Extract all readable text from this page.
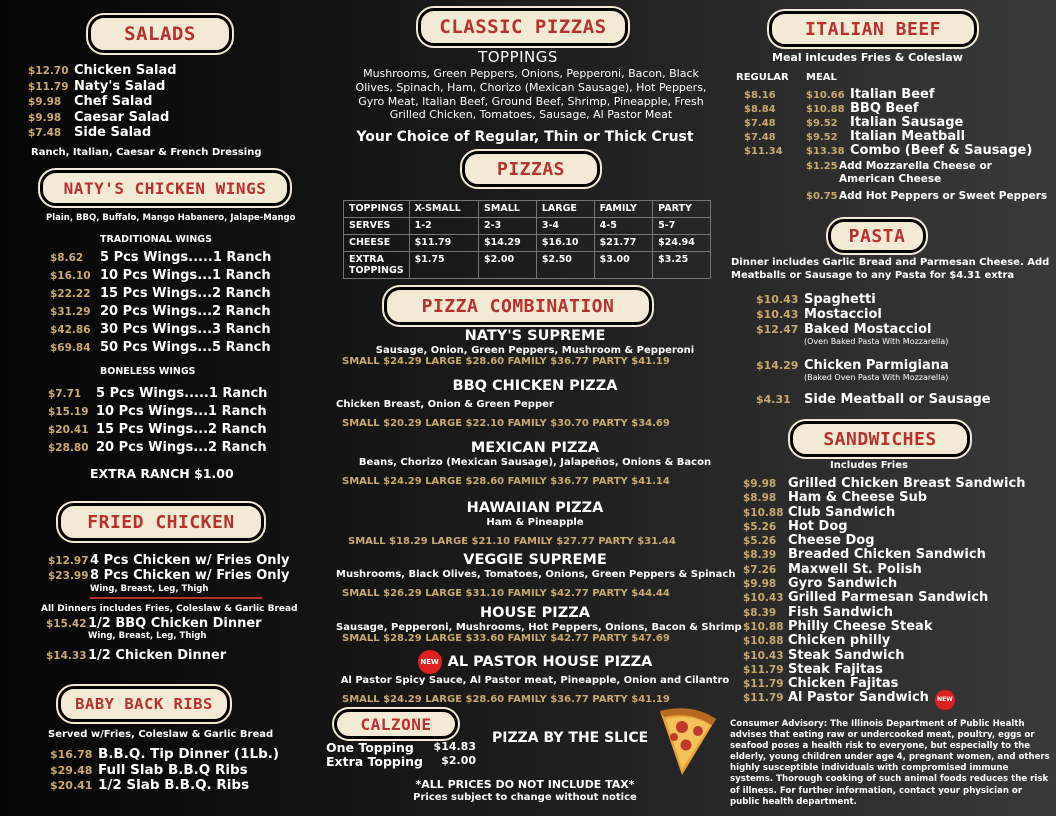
SALADS
$12.70 Chicken Salad
$11.79 Naty's Salad
$9.98 Chef Salad
$9.98 Caesar Salad
$7.48 Side Salad
Ranch, Italian, Caesar & French Dressing
NATY'S CHICKEN WINGS
Plain, BBQ, Buffalo, Mango Habanero, Jalape-Mango
TRADITIONAL WINGS
$8.62	5 Pcs Wings.....1 Ranch
$16.10 10 Pcs Wings...1 Ranch
$22.22 15 Pcs Wings...2 Ranch
$31.29 20 Pcs Wings...2 Ranch
$42.86 30 Pcs Wings...3 Ranch
$69.84 50 Pcs Wings...5 Ranch
BONELESS WINGS
$7.71	5 Pcs Wings.....1 Ranch
$15.19 10 Pcs Wings...1 Ranch
$20.41 15 Pcs Wings...2 Ranch
$28.80 20 Pcs Wings...2 Ranch
EXTRA RANCH $1.00
FRIED CHICKEN
$12.97 4 Pcs Chicken w/ Fries Only
$23.99 8 Pcs Chicken w/ Fries Only
Wing, Breast, Leg, Thigh
All Dinners includes Fries, Coleslaw & Garlic Bread
$15.42 1/2 BBQ Chicken Dinner
Wing, Breast, Leg, Thigh
$14.33 1/2 Chicken Dinner
BABY BACK RIBS
Served w/Fries, Coleslaw & Garlic Bread
$16.78 B.B.Q. Tip Dinner (1Lb.)
$29.48 Full Slab B.B.Q Ribs
$20.41 1/2 Slab B.B.Q. Ribs
CLASSIC PIZZAS
TOPPINGS
Mushrooms, Green Peppers, Onions, Pepperoni, Bacon, Black Olives, Spinach, Ham, Chorizo (Mexican Sausage), Hot Peppers, Gyro Meat, Italian Beef, Ground Beef, Shrimp, Pineapple, Fresh Grilled Chicken, Tomatoes, Sausage, Al Pastor Meat
Your Choice of Regular, Thin or Thick Crust
PIZZAS
TOPPINGS	X-SMALL	SMALL	LARGE	FAMILY	PARTY
SERVES	1-2	2-3	3-4	4-5	5-7
CHEESE	$11.79	$14.29	$16.10	$21.77	$24.94
EXTRA TOPPINGS	$1.75	$2.00	$2.50	$3.00	$3.25
PIZZA COMBINATION
NATY'S SUPREME
Sausage, Onion, Green Peppers, Mushroom & Pepperoni
SMALL $24.29 LARGE $28.60 FAMILY $36.77 PARTY $41.19
BBQ CHICKEN PIZZA
Chicken Breast, Onion & Green Pepper
SMALL $20.29 LARGE $22.10 FAMILY $30.70 PARTY $34.69
MEXICAN PIZZA
Beans, Chorizo (Mexican Sausage), Jalapeños, Onions & Bacon
SMALL $24.29 LARGE $28.60 FAMILY $36.77 PARTY $41.14
HAWAIIAN PIZZA
Ham & Pineapple
SMALL $18.29 LARGE $21.10 FAMILY $27.77 PARTY $31.44
VEGGIE SUPREME
Mushrooms, Black Olives, Tomatoes, Onions, Green Peppers & Spinach
SMALL $26.29 LARGE $31.10 FAMILY $42.77 PARTY $44.44
HOUSE PIZZA
Sausage, Pepperoni, Mushrooms, Hot Peppers, Onions, Bacon & Shrimp
SMALL $28.29 LARGE $33.60 FAMILY $42.77 PARTY $47.69
NEW AL PASTOR HOUSE PIZZA
Al Pastor Spicy Sauce, Al Pastor meat, Pineapple, Onion and Cilantro
SMALL $24.29 LARGE $28.60 FAMILY $36.77 PARTY $41.19
CALZONE
One Topping $14.83
Extra Topping $2.00
PIZZA BY THE SLICE
*ALL PRICES DO NOT INCLUDE TAX*
Prices subject to change without notice
ITALIAN BEEF
Meal inlcudes Fries & Coleslaw
REGULAR MEAL
$8.16	$10.66 Italian Beef
$8.84	$10.88 BBQ Beef
$7.48	$9.52 Italian Sausage
$7.48	$9.52 Italian Meatball
$11.34	$13.38 Combo (Beef & Sausage)
$1.25 Add Mozzarella Cheese or American Cheese
$0.75 Add Hot Peppers or Sweet Peppers
PASTA
Dinner includes Garlic Bread and Parmesan Cheese. Add Meatballs or Sausage to any Pasta for $4.31 extra
$10.43 Spaghetti
$10.43 Mostacciol
$12.47 Baked Mostacciol
(Oven Baked Pasta With Mozzarella)
$14.29 Chicken Parmigiana
(Baked Oven Pasta With Mozzarella)
$4.31	Side Meatball or Sausage
SANDWICHES
Includes Fries
$9.98 Grilled Chicken Breast Sandwich
$8.98 Ham & Cheese Sub
$10.88 Club Sandwich
$5.26 Hot Dog
$5.26 Cheese Dog
$8.39 Breaded Chicken Sandwich
$7.26 Maxwell St. Polish
$9.98 Gyro Sandwich
$10.43 Grilled Parmesan Sandwich
$8.39 Fish Sandwich
$10.88 Philly Cheese Steak
$10.88 Chicken philly
$10.43 Steak Sandwich
$11.79 Steak Fajitas
$11.79 Chicken Fajitas
$11.79 Al Pastor Sandwich	NEW
Consumer Advisory: The Illinois Department of Public Health advises that eating raw or undercooked meat, poultry, eggs or seafood poses a health risk to everyone, but especially to the elderly, young children under age 4, pregnant women, and others highly susceptible individuals with compromised immune systems. Thorough cooking of such animal foods reduces the risk of illness. For further information, contact your physician or public health department.
